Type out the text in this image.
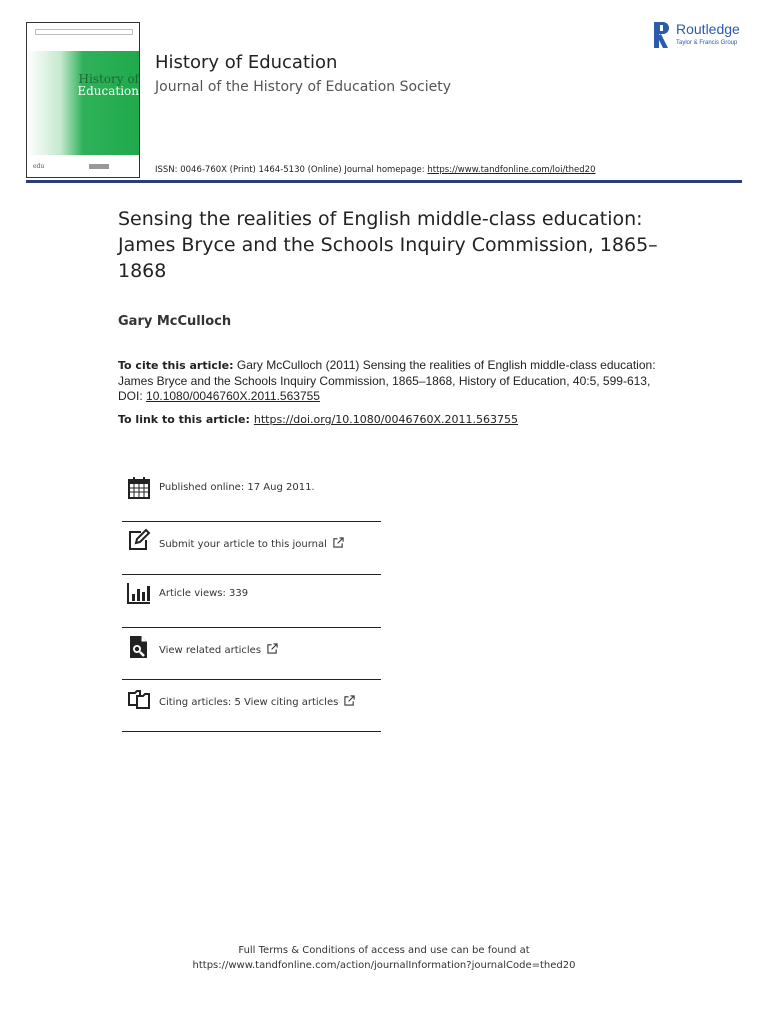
History of
Education
edu
History of Education
Journal of the History of Education Society
Routledge
Taylor & Francis Group
ISSN: 0046-760X (Print) 1464-5130 (Online) Journal homepage: https://www.tandfonline.com/loi/thed20
Sensing the realities of English middle-class education: James Bryce and the Schools Inquiry Commission, 1865–1868
Gary McCulloch
To cite this article: Gary McCulloch (2011) Sensing the realities of English middle-class education: James Bryce and the Schools Inquiry Commission, 1865–1868, History of Education, 40:5, 599-613, DOI: 10.1080/0046760X.2011.563755
To link to this article: https://doi.org/10.1080/0046760X.2011.563755
Published online: 17 Aug 2011.
Submit your article to this journal
Article views: 339
View related articles
Citing articles: 5 View citing articles
Full Terms & Conditions of access and use can be found at
https://www.tandfonline.com/action/journalInformation?journalCode=thed20
